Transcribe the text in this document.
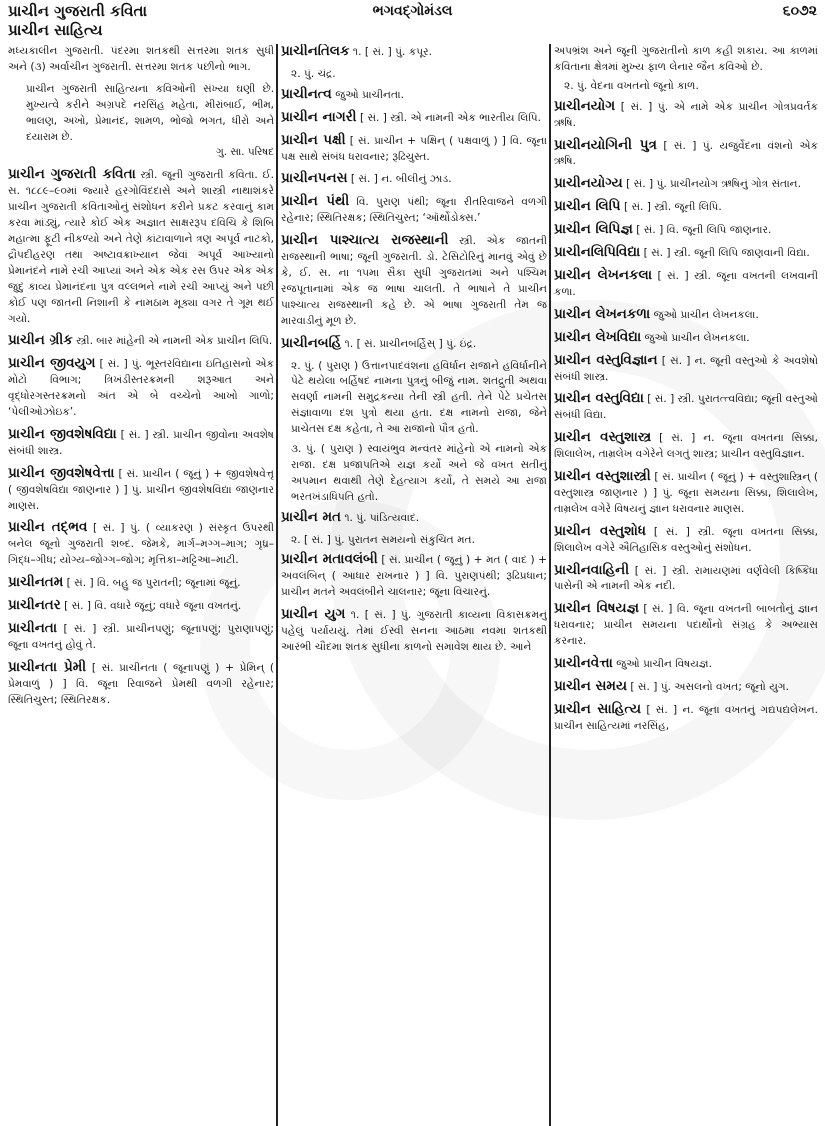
પ્રાચીન ગુજરાતી કવિતા
પ્રાચીન સાહિત્ય
ભગવદ્ગોમંડલ	૬૦૭૨

મધ્યકાલીન ગુજરાતી. પંદરમા શતકથી સત્તરમા શતક સુધી અને (૩) અર્વાચીન ગુજરાતી. સત્તરમા શતક પછીનો ભાગ.

પ્રાચીન ગુજરાતી સાહિત્યના કવિઓની સંખ્યા ઘણી છે. મુખ્યત્વે કરીને અગ્રપદે નરસિંહ મહેતા, મીરાંબાઈ, ભીમ, ભાલણ, અખો, પ્રેમાનંદ, શામળ, ભોજો ભગત, ધીરો અને દયારામ છે.

ગુ. સા. પરિષદ

પ્રાચીન ગુજરાતી કવિતા સ્ત્રી. જૂની ગુજરાતી કવિતા. ઈ. સ. ૧૮૮૯–૯૦માં જ્યારે હરગોવિંદદાસે અને શાસ્ત્રી નાથાશંકરે પ્રાચીન ગુજરાતી કવિતાઓનું સંશોધન કરીને પ્રકટ કરવાનું કામ કરવા માંડ્યું, ત્યારે કોઈ એક અજ્ઞાત સાક્ષરરૂપ દવિચિ કે શિબિ મહાત્મા ફૂટી નીકળ્યો અને તેણે કાંટાવાળાને ત્રણ અપૂર્વ નાટકો, દ્રૌપદીહરણ તથા અષ્ટાવક્રાખ્યાન જેવાં અપૂર્વ આખ્યાનો પ્રેમાનંદને નામે રચી આપ્યાં અને એક એક રસ ઉપર એક એક જુદું કાવ્ય પ્રેમાનંદના પુત્ર વલ્લભને નામે રચી આપ્યું અને પછી કોઈ પણ જાતની નિશાની કે નામઠામ મૂક્યા વગર તે ગૂમ થઈ ગયો.

પ્રાચીન ગ્રીક સ્ત્રી. બાર માંહેની એ નામની એક પ્રાચીન લિપિ.

પ્રાચીન જીવયુગ [ સં. ] પું. ભૂસ્તરવિદ્યાના ઇતિહાસનો એક મોટો વિભાગ; ત્રિખંડીસ્તરક્રમની શરૂઆત અને વૃદ્ધોરગસ્તરક્રમનો અંત એ બે વચ્ચેનો આખો ગાળો; ‘પેલીઓઝોઇક’.

પ્રાચીન જીવશેષવિદ્યા [ સં. ] સ્ત્રી. પ્રાચીન જીવોના અવશેષ સંબંધી શાસ્ત્ર.

પ્રાચીન જીવશેષવેત્તા [ સં. પ્રાચીન ( જૂનું ) + જીવશેષવેત્તૃ ( જીવશેષવિદ્યા જાણનાર ) ] પું. પ્રાચીન જીવશેષવિદ્યા જાણનાર માણસ.

પ્રાચીન તદ્ભવ [ સં. ] પું. ( વ્યાકરણ ) સંસ્કૃત ઉપરથી બનેલ જૂનો ગુજરાતી શબ્દ. જેમકે, માર્ગ–મગ્ગ–માગ; ગૃધ્ર–ગિદ્ધ–ગીધ; યોગ્ય–જોગ્ગ–જોગ; મૃત્તિકા–મટ્ટિઆ–માટી.

પ્રાચીનતમ [ સં. ] વિ. બહુ જ પુરાતની; જૂનામાં જૂનું.

પ્રાચીનતર [ સં. ] વિ. વધારે જૂનું; વધારે જૂના વખતનું.

પ્રાચીનતા [ સં. ] સ્ત્રી. પ્રાચીનપણું; જૂનાપણું; પુરાણાપણું; જૂના વખતનું હોવું તે.

પ્રાચીનતા પ્રેમી [ સં. પ્રાચીનતા ( જૂનાપણું ) + પ્રેમિન્ ( પ્રેમવાળું ) ] વિ. જૂના રિવાજને પ્રેમથી વળગી રહેનાર; સ્થિતિચુસ્ત; સ્થિતિરક્ષક.

પ્રાચીનતિલક ૧. [ સં. ] પું. કપૂર.

૨. પું. ચંદ્ર.

પ્રાચીનત્વ જુઓ પ્રાચીનતા.

પ્રાચીન નાગરી [ સં. ] સ્ત્રી. એ નામની એક ભારતીય લિપિ.

પ્રાચીન પક્ષી [ સં. પ્રાચીન + પક્ષિન્ ( પક્ષવાળું ) ] વિ. જૂના પક્ષ સાથે સંબંધ ધરાવનાર; રૂઢિચુસ્ત.

પ્રાચીનપનસ [ સં. ] ન. બીલીનું ઝાડ.

પ્રાચીન પંથી વિ. પુરાણ પંથી; જૂના રીતરિવાજને વળગી રહેનાર; સ્થિતિરક્ષક; સ્થિતિચુસ્ત; ‘ઑર્થોડોક્સ.’

પ્રાચીન પાશ્ચાત્ય રાજસ્થાની સ્ત્રી. એક જાતની રાજસ્થાની ભાષા; જૂની ગુજરાતી. ડો. ટેસિટોરિનું માનવું એવું છે કે, ઈ. સ. ના ૧૫મા સૈકા સુધી ગુજરાતમાં અને પશ્ચિમ રજપૂતાનામાં એક જ ભાષા ચાલતી. તે ભાષાને તે પ્રાચીન પાશ્ચાત્ય રાજસ્થાની કહે છે. એ ભાષા ગુજરાતી તેમ જ મારવાડીનું મૂળ છે.

પ્રાચીનબર્હિ ૧. [ સં. પ્રાચીનબર્હિસ્ ] પું. ઇંદ્ર.

૨. પું. ( પુરાણ ) ઉત્તાનપાદવંશના હવિર્ધાન રાજાને હવિર્ધાનીને પેટે થયેલા બર્હિષદ નામના પુત્રનું બીજું નામ. શતદ્રુતી અથવા સવર્ણા નામની સમુદ્રકન્યા તેની સ્ત્રી હતી. તેને પેટે પ્રચેતસ સંજ્ઞાવાળા દશ પુત્રો થયા હતા. દક્ષ નામનો રાજા, જેને પ્રાચેતસ દક્ષ કહેતા, તે આ રાજાનો પૌત્ર હતો.

૩. પું. ( પુરાણ ) સ્વાયંભુવ મન્વંતર માંહેનો એ નામનો એક રાજા. દક્ષ પ્રજાપતિએ યજ્ઞ કર્યો અને જે વખત સતીનું અપમાન થવાથી તેણે દેહત્યાગ કર્યો, તે સમયે આ રાજા ભરતખંડાધિપતિ હતો.

પ્રાચીન મત ૧. પું. પાંડિત્યવાદ.

૨. [ સં. ] પું. પુરાતન સમયનો સંકુચિત મત.

પ્રાચીન મતાવલંબી [ સં. પ્રાચીન ( જૂનું ) + મત ( વાદ ) + અવલંબિન્ ( આધાર રાખનાર ) ] વિ. પુરાણપંથી; રૂઢિપ્રધાન; પ્રાચીન મતને અવલંબીને ચાલનાર; જૂના વિચારનું.

પ્રાચીન યુગ ૧. [ સં. ] પું. ગુજરાતી કાવ્યના વિકાસક્રમનું પહેલું પર્યાયયું. તેમાં ઈસ્વી સનના આઠમા નવમા શતકથી આરંભી ચૌદમા શતક સુધીના કાળનો સમાવેશ થાય છે. આને

અપભ્રંશ અને જૂની ગુજરાતીનો કાળ કહી શકાય. આ કાળમાં કવિતાના ક્ષેત્રમાં મુખ્ય ફાળ લેનાર જૈન કવિઓ છે.

૨. પું. વેદના વખતનો જૂનો કાળ.

પ્રાચીનયોગ [ સં. ] પું. એ નામે એક પ્રાચીન ગોત્રપ્રવર્તક ઋષિ.

પ્રાચીનયોગિની પુત્ર [ સં. ] પું. યજુર્વેદના વંશનો એક ઋષિ.

પ્રાચીનયોગ્ય [ સં. ] પું. પ્રાચીનયોગ ઋષિનું ગોત્ર સંતાન.

પ્રાચીન લિપિ [ સં. ] સ્ત્રી. જૂની લિપિ.

પ્રાચીન લિપિજ્ઞ [ સં. ] વિ. જૂની લિપિ જાણનાર.

પ્રાચીનલિપિવિદ્યા [ સં. ] સ્ત્રી. જૂની લિપિ જાણવાની વિદ્યા.

પ્રાચીન લેખનકલા [ સં. ] સ્ત્રી. જૂના વખતની લખવાની કળા.

પ્રાચીન લેખનકળા જુઓ પ્રાચીન લેખનકલા.

પ્રાચીન લેખવિદ્યા જુઓ પ્રાચીન લેખનકલા.

પ્રાચીન વસ્તુવિજ્ઞાન [ સં. ] ન. જૂની વસ્તુઓ કે અવશેષો સંબંધી શાસ્ત્ર.

પ્રાચીન વસ્તુવિદ્યા [ સં. ] સ્ત્રી. પુરાતત્ત્વવિદ્યા; જૂની વસ્તુઓ સંબંધી વિદ્યા.

પ્રાચીન વસ્તુશાસ્ત્ર [ સં. ] ન. જૂના વખતના સિક્કા, શિલાલેખ, તામ્રલેખ વગેરેને લગતું શાસ્ત્ર; પ્રાચીન વસ્તુવિજ્ઞાન.

પ્રાચીન વસ્તુશાસ્ત્રી [ સં. પ્રાચીન ( જૂનું ) + વસ્તુશાસ્ત્રિન્ ( વસ્તુશાસ્ત્ર જાણનાર ) ] પું. જૂના સમયના સિક્કા, શિલાલેખ, તામ્રલેખ વગેરે વિષયનું જ્ઞાન ધરાવનાર માણસ.

પ્રાચીન વસ્તુશોધ [ સં. ] સ્ત્રી. જૂના વખતના સિક્કા, શિલાલેખ વગેરે ઐતિહાસિક વસ્તુઓનું સંશોધન.

પ્રાચીનવાહિની [ સં. ] સ્ત્રી. રામાયણમાં વર્ણવેલી કિષ્કિંધા પાસેની એ નામની એક નદી.

પ્રાચીન વિષયજ્ઞ [ સં. ] વિ. જૂના વખતની બાબતોનું જ્ઞાન ધરાવનાર; પ્રાચીન સમયના પદાર્થોનો સંગ્રહ કે અભ્યાસ કરનાર.

પ્રાચીનવેત્તા જુઓ પ્રાચીન વિષયજ્ઞ.

પ્રાચીન સમય [ સં. ] પું. અસલનો વખત; જૂનો યુગ.

પ્રાચીન સાહિત્ય [ સં. ] ન. જૂના વખતનું ગદ્યપદ્યલેખન. પ્રાચીન સાહિત્યમાં નરસિંહ,
